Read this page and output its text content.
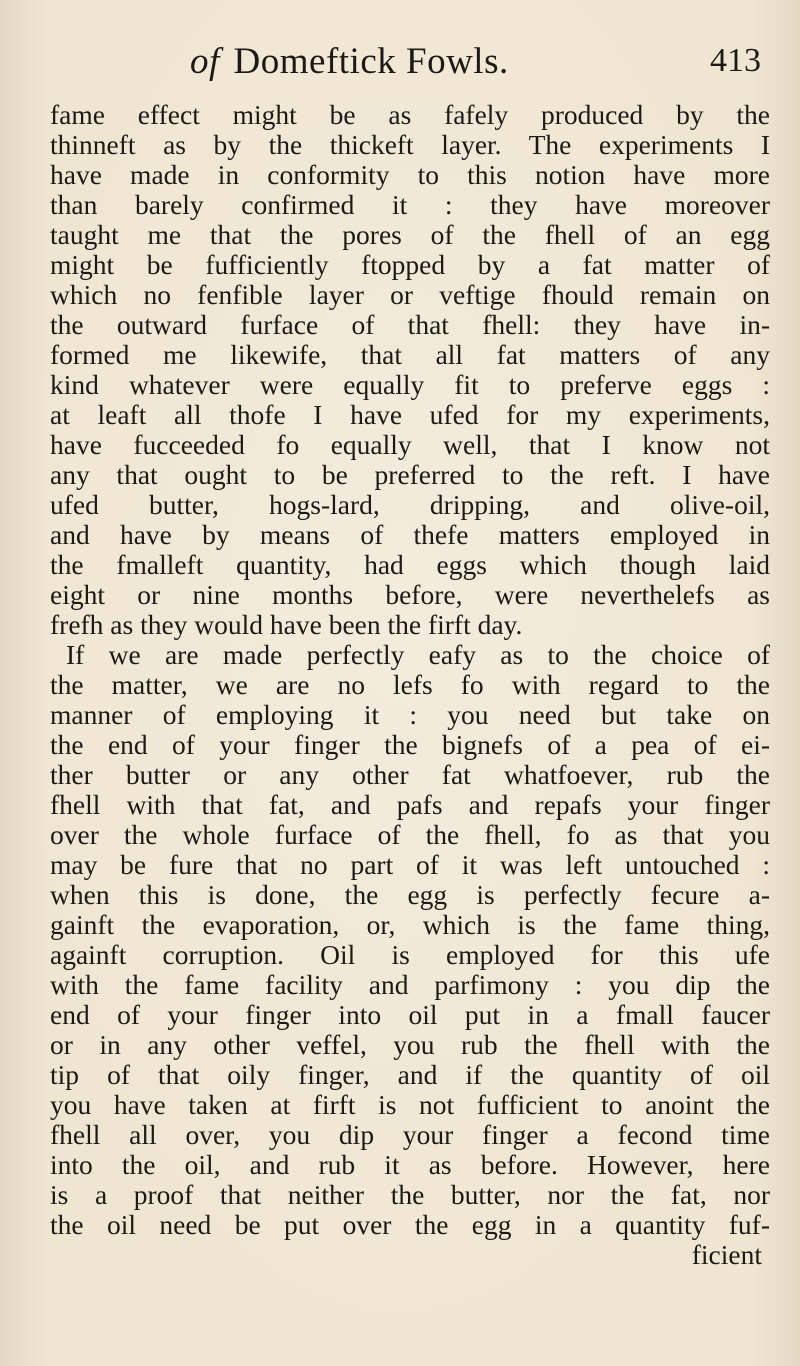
of Domeftick Fowls.	413
fame effect might be as fafely produced by the
thinneft as by the thickeft layer. The experiments I
have made in conformity to this notion have more
than barely confirmed it : they have moreover
taught me that the pores of the fhell of an egg
might be fufficiently ftopped by a fat matter of
which no fenfible layer or veftige fhould remain on
the outward furface of that fhell: they have in-
formed me likewife, that all fat matters of any
kind whatever were equally fit to preferve eggs :
at leaft all thofe I have ufed for my experiments,
have fucceeded fo equally well, that I know not
any that ought to be preferred to the reft. I have
ufed butter, hogs-lard, dripping, and olive-oil,
and have by means of thefe matters employed in
the fmalleft quantity, had eggs which though laid
eight or nine months before, were neverthelefs as
frefh as they would have been the firft day.
If we are made perfectly eafy as to the choice of
the matter, we are no lefs fo with regard to the
manner of employing it : you need but take on
the end of your finger the bignefs of a pea of ei-
ther butter or any other fat whatfoever, rub the
fhell with that fat, and pafs and repafs your finger
over the whole furface of the fhell, fo as that you
may be fure that no part of it was left untouched :
when this is done, the egg is perfectly fecure a-
gainft the evaporation, or, which is the fame thing,
againft corruption. Oil is employed for this ufe
with the fame facility and parfimony : you dip the
end of your finger into oil put in a fmall faucer
or in any other veffel, you rub the fhell with the
tip of that oily finger, and if the quantity of oil
you have taken at firft is not fufficient to anoint the
fhell all over, you dip your finger a fecond time
into the oil, and rub it as before. However, here
is a proof that neither the butter, nor the fat, nor
the oil need be put over the egg in a quantity fuf-
ficient
